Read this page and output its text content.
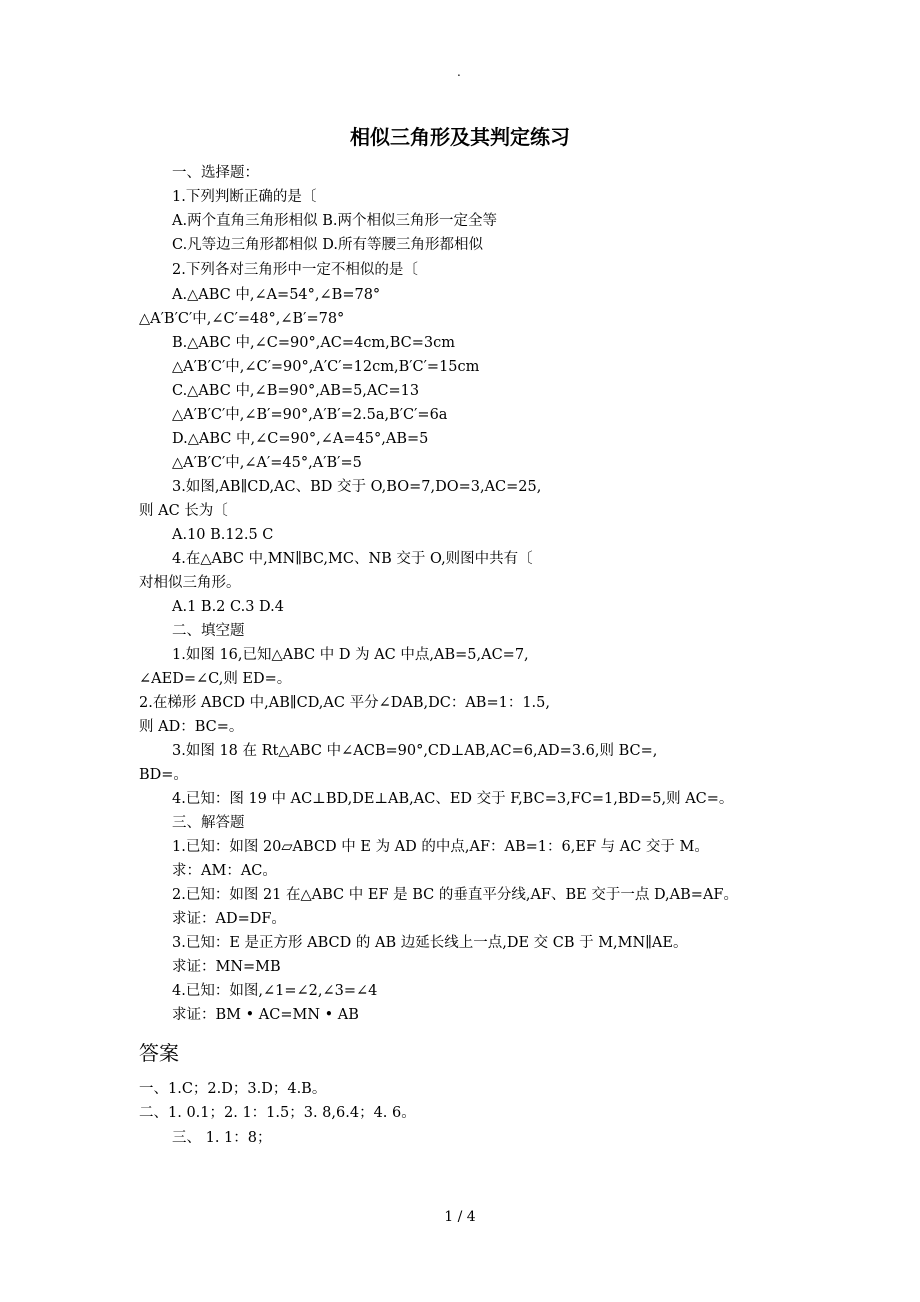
.
相似三角形及其判定练习
一、选择题：
1.下列判断正确的是〔
A.两个直角三角形相似 B.两个相似三角形一定全等
C.凡等边三角形都相似 D.所有等腰三角形都相似
2.下列各对三角形中一定不相似的是〔
A.△ABC 中,∠A=54°,∠B=78°
△A′B′C′中,∠C′=48°,∠B′=78°
B.△ABC 中,∠C=90°,AC=4cm,BC=3cm
△A′B′C′中,∠C′=90°,A′C′=12cm,B′C′=15cm
C.△ABC 中,∠B=90°,AB=5,AC=13
△A′B′C′中,∠B′=90°,A′B′=2.5a,B′C′=6a
D.△ABC 中,∠C=90°,∠A=45°,AB=5
△A′B′C′中,∠A′=45°,A′B′=5
3.如图,AB∥CD,AC、BD 交于 O,BO=7,DO=3,AC=25,
则 AC 长为〔
A.10 B.12.5 C
4.在△ABC 中,MN∥BC,MC、NB 交于 O,则图中共有〔
对相似三角形。
A.1 B.2 C.3 D.4
二、填空题
1.如图 16,已知△ABC 中 D 为 AC 中点,AB=5,AC=7,
∠AED=∠C,则 ED=。
2.在梯形 ABCD 中,AB∥CD,AC 平分∠DAB,DC：AB=1：1.5,
则 AD：BC=。
3.如图 18 在 Rt△ABC 中∠ACB=90°,CD⊥AB,AC=6,AD=3.6,则 BC=,
BD=。
4.已知：图 19 中 AC⊥BD,DE⊥AB,AC、ED 交于 F,BC=3,FC=1,BD=5,则 AC=。
三、解答题
1.已知：如图 20▱ABCD 中 E 为 AD 的中点,AF：AB=1：6,EF 与 AC 交于 M。
求：AM：AC。
2.已知：如图 21 在△ABC 中 EF 是 BC 的垂直平分线,AF、BE 交于一点 D,AB=AF。
求证：AD=DF。
3.已知：E 是正方形 ABCD 的 AB 边延长线上一点,DE 交 CB 于 M,MN∥AE。
求证：MN=MB
4.已知：如图,∠1=∠2,∠3=∠4
求证：BM • AC=MN • AB
答案
一、1.C；2.D；3.D；4.B。
二、1. 0.1；2. 1：1.5；3. 8,6.4；4. 6。
三、 1. 1：8；
1 / 4
